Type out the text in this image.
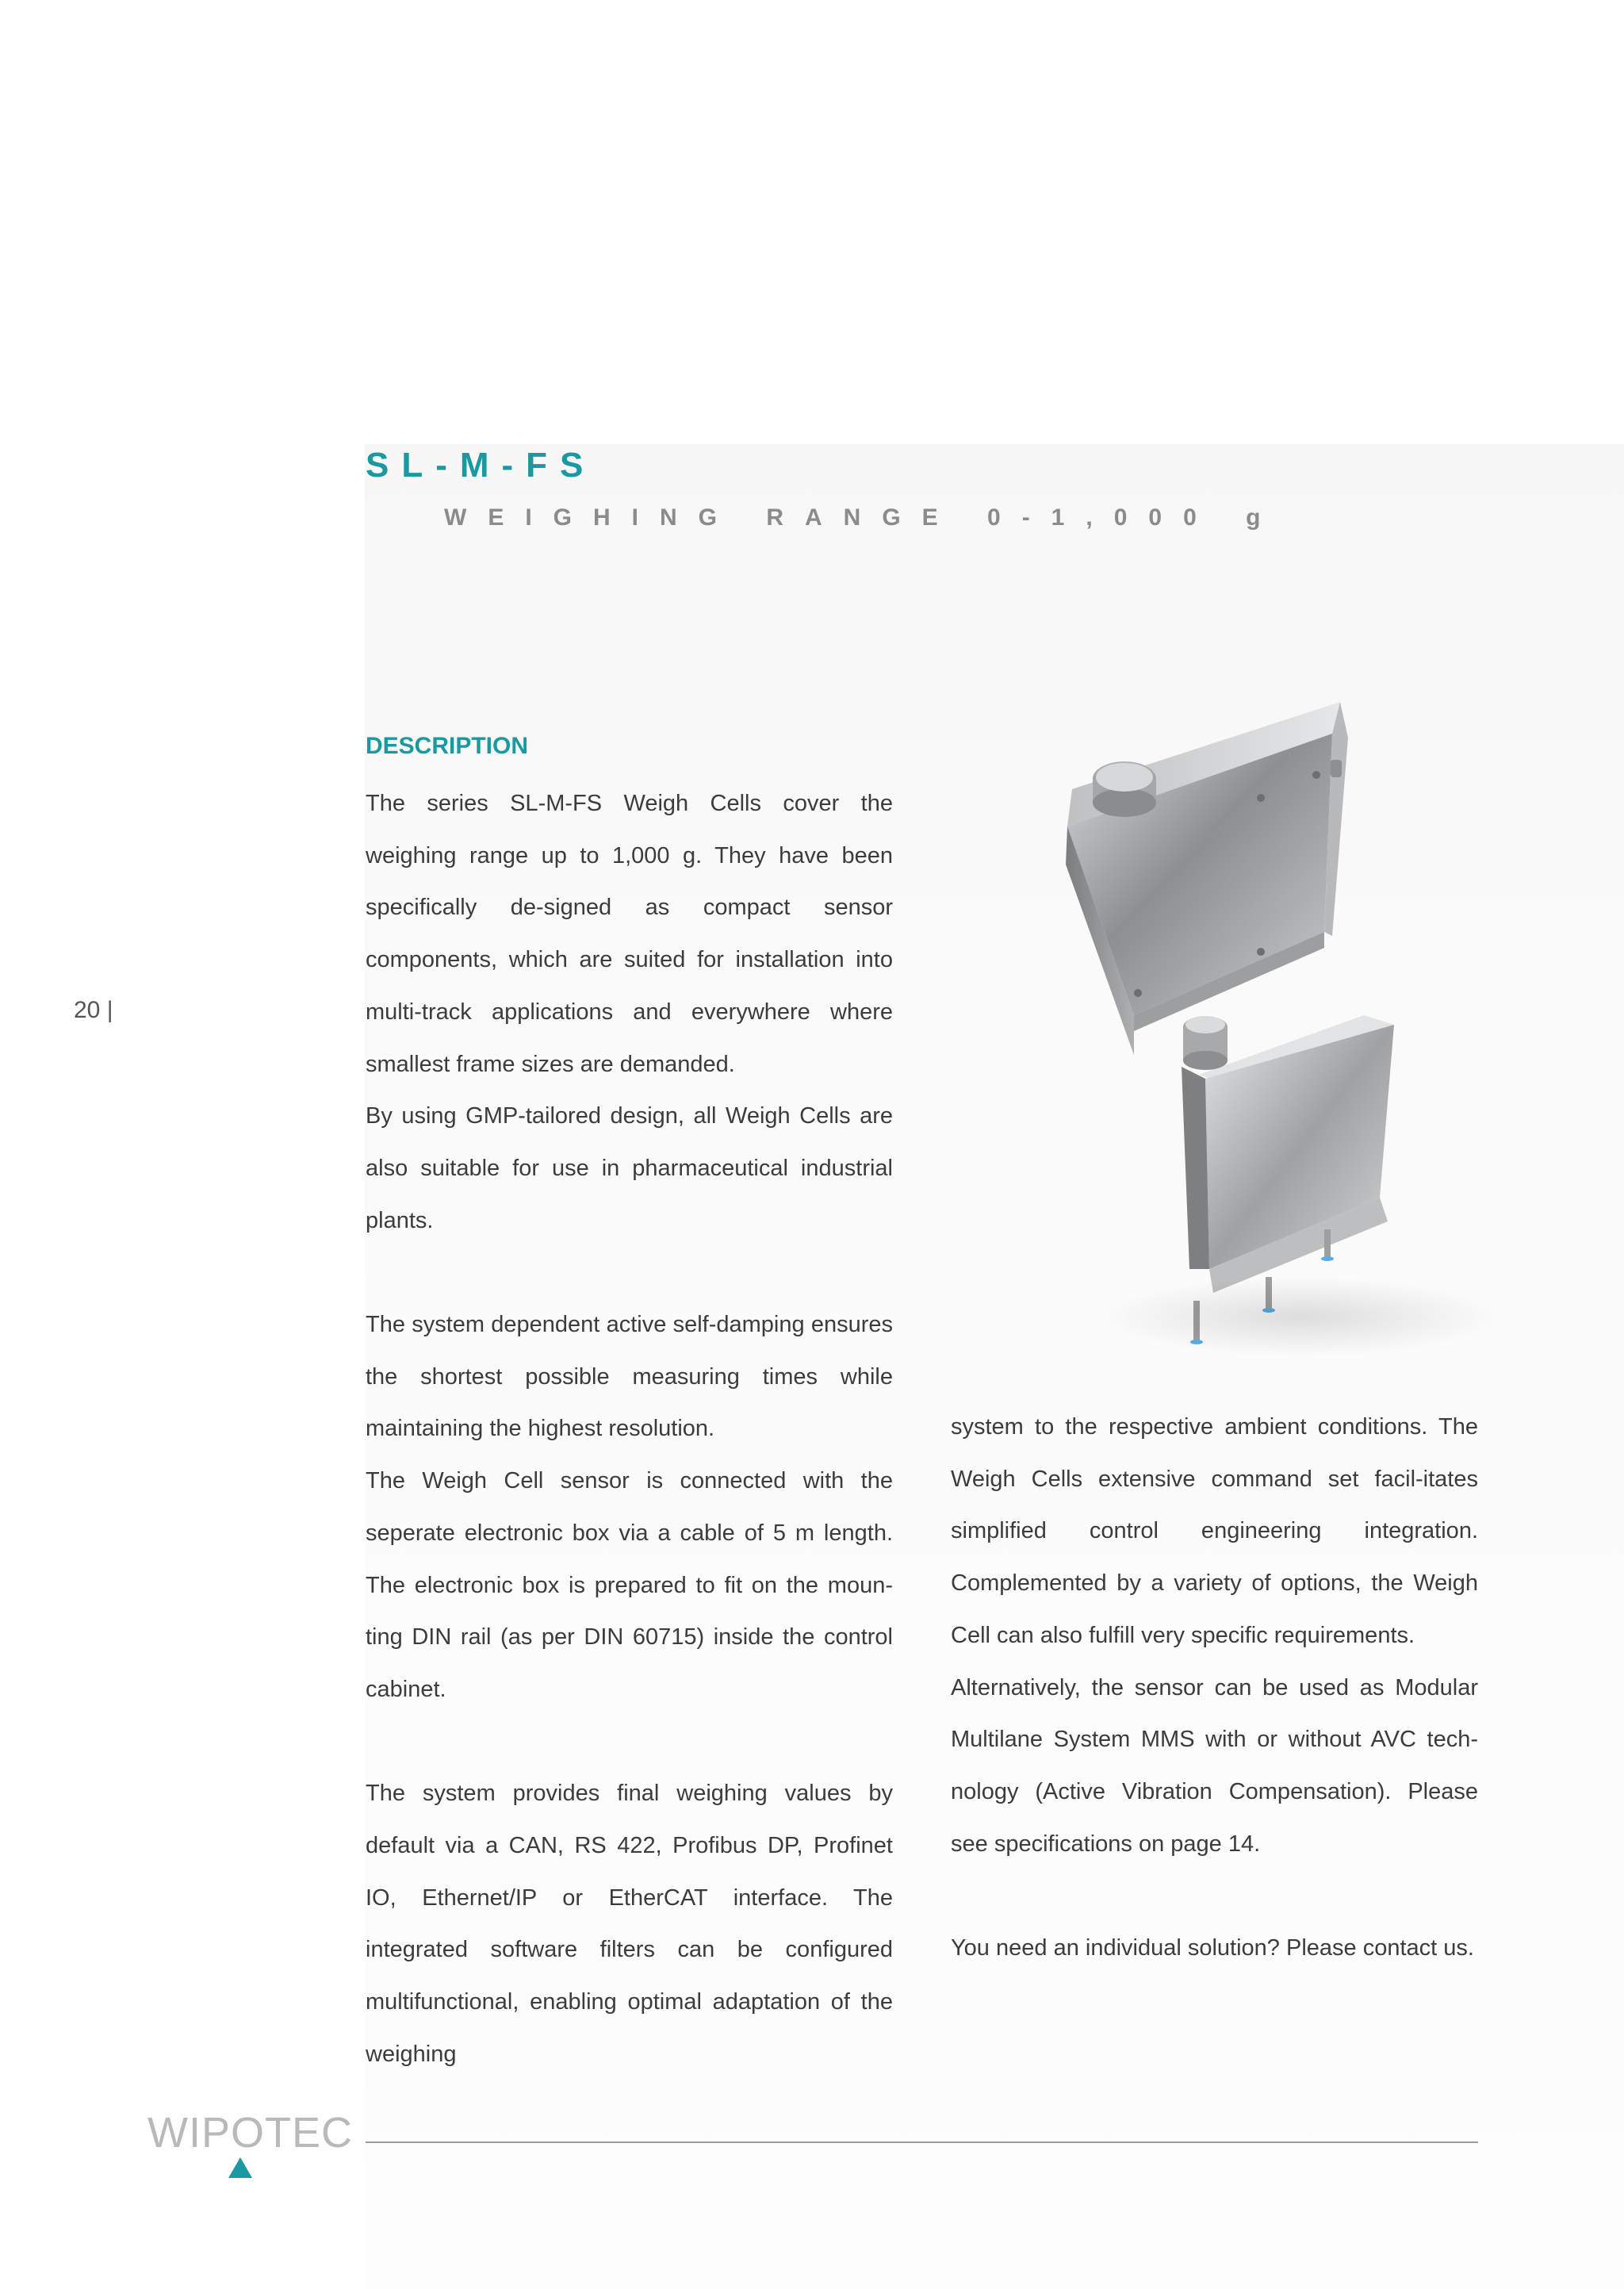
SL-M-FS
WEIGHING RANGE 0-1,000 g
20 |
DESCRIPTION

The series SL-M-FS Weigh Cells cover the weighing range up to 1,000 g. They have been specifically de-signed as compact sensor components, which are suited for installation into multi-track applications and everywhere where smallest frame sizes are demanded.

By using GMP-tailored design, all Weigh Cells are also suitable for use in pharmaceutical industrial plants.

The system dependent active self-damping ensures the shortest possible measuring times while maintaining the highest resolution.

The Weigh Cell sensor is connected with the seperate electronic box via a cable of 5 m length. The electronic box is prepared to fit on the moun-ting DIN rail (as per DIN 60715) inside the control cabinet.

The system provides final weighing values by default via a CAN, RS 422, Profibus DP, Profinet IO, Ethernet/IP or EtherCAT interface. The integrated software filters can be configured multifunctional, enabling optimal adaptation of the weighing

system to the respective ambient conditions. The Weigh Cells extensive command set facil-itates simplified control engineering integration. Complemented by a variety of options, the Weigh Cell can also fulfill very specific requirements.

Alternatively, the sensor can be used as Modular Multilane System MMS with or without AVC tech-nology (Active Vibration Compensation). Please see specifications on page 14.

You need an individual solution? Please contact us.

WIPOTEC
